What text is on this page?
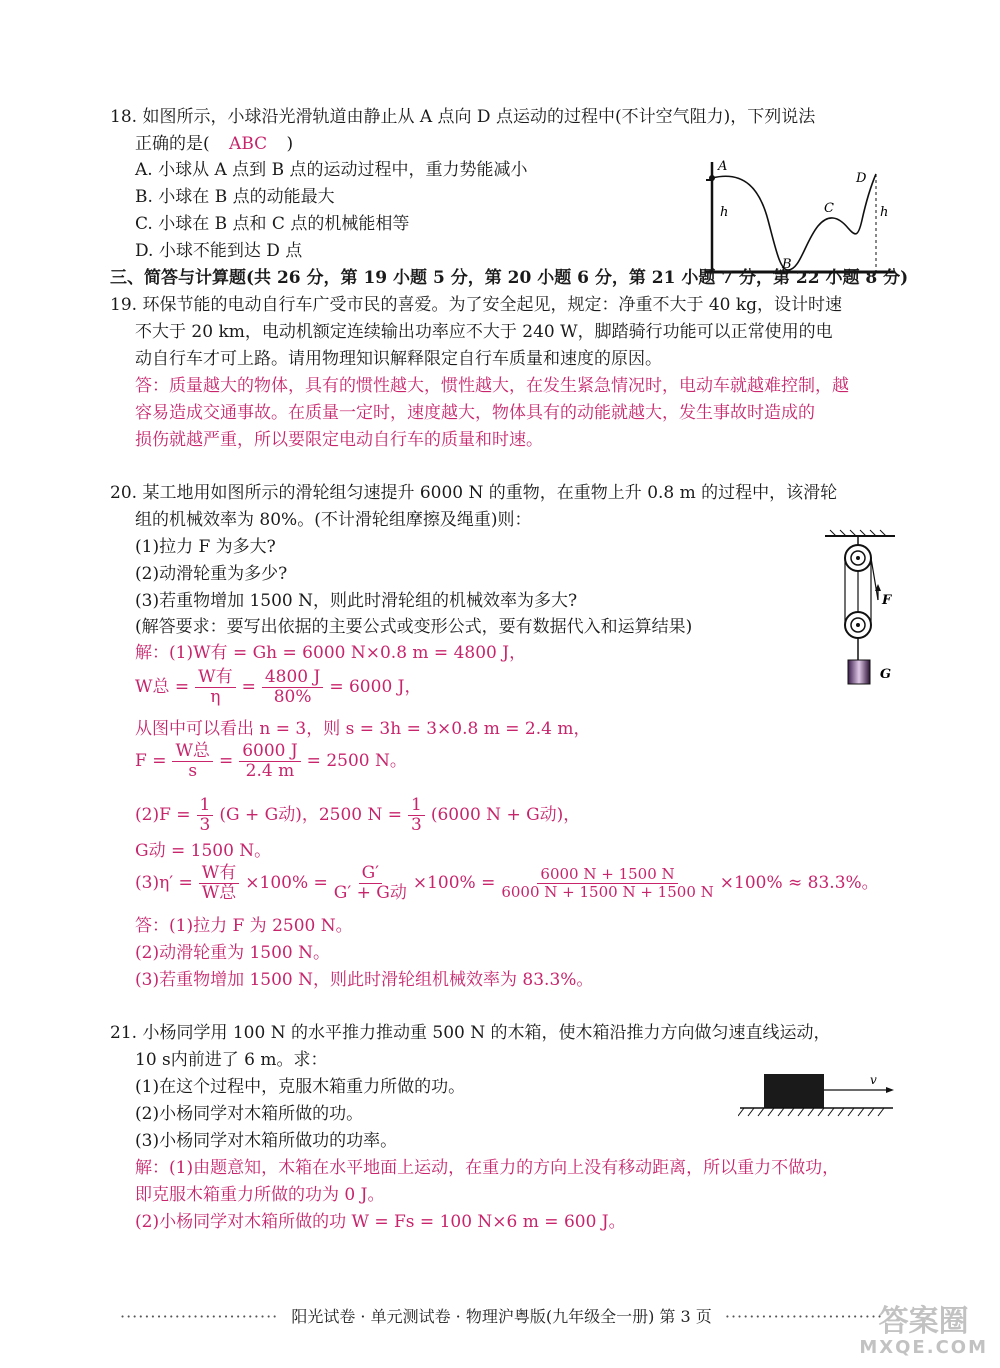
18. 如图所示，小球沿光滑轨道由静止从 A 点向 D 点运动的过程中(不计空气阻力)，下列说法
正确的是( ABC )
A. 小球从 A 点到 B 点的运动过程中，重力势能减小
B. 小球在 B 点的动能最大
C. 小球在 B 点和 C 点的机械能相等
D. 小球不能到达 D 点
A
B
C
D
h	h
三、简答与计算题(共 26 分，第 19 小题 5 分，第 20 小题 6 分，第 21 小题 7 分，第 22 小题 8 分)
19. 环保节能的电动自行车广受市民的喜爱。为了安全起见，规定：净重不大于 40 kg，设计时速
不大于 20 km，电动机额定连续输出功率应不大于 240 W，脚踏骑行功能可以正常使用的电
动自行车才可上路。请用物理知识解释限定自行车质量和速度的原因。
答：质量越大的物体，具有的惯性越大，惯性越大，在发生紧急情况时，电动车就越难控制，越
容易造成交通事故。在质量一定时，速度越大，物体具有的动能就越大，发生事故时造成的
损伤就越严重，所以要限定电动自行车的质量和时速。
20. 某工地用如图所示的滑轮组匀速提升 6000 N 的重物，在重物上升 0.8 m 的过程中，该滑轮
组的机械效率为 80%。(不计滑轮组摩擦及绳重)则：
(1)拉力 F 为多大?
(2)动滑轮重为多少?
(3)若重物增加 1500 N，则此时滑轮组的机械效率为多大?
(解答要求：要写出依据的主要公式或变形公式，要有数据代入和运算结果)
F
G
解：(1)W有 = Gh = 6000 N×0.8 m = 4800 J，
W总 =
W有
$\eta = \frac{4800 J}{80\%} = 6000$ J，
从图中可以看出 n = 3，则 s = 3h = 3×0.8 m = 2.4 m，
F =
W总
$s = \frac{6000 J}{2.4 m} = 2500$ N。
$(2)F = \frac{1}{3} (G + G$动)，2500 $N = \frac{1}{3} (6000$ N + G动)，
G动 = 1500 N。
(3)η′ =
W有
W总 ×100% =
G′
G′ + G动 $\times 100\% = \frac{6000 N + 1500 N}{6000 N + 1500 N + 1500 N} \times 100\% \approx 83.3\%$。
答：(1)拉力 F 为 2500 N。
(2)动滑轮重为 1500 N。
(3)若重物增加 1500 N，则此时滑轮组机械效率为 83.3%。
21. 小杨同学用 100 N 的水平推力推动重 500 N 的木箱，使木箱沿推力方向做匀速直线运动，
10 s内前进了 6 m。求：
(1)在这个过程中，克服木箱重力所做的功。
(2)小杨同学对木箱所做的功。
(3)小杨同学对木箱所做功的功率。
v
解：(1)由题意知，木箱在水平地面上运动，在重力的方向上没有移动距离，所以重力不做功，
即克服木箱重力所做的功为 0 J。
(2)小杨同学对木箱所做的功 W = Fs = 100 N×6 m = 600 J。
·························· 阳光试卷 · 单元测试卷 · 物理沪粤版(九年级全一册) 第 3 页 ··························
答案圈
MXQE.COM
